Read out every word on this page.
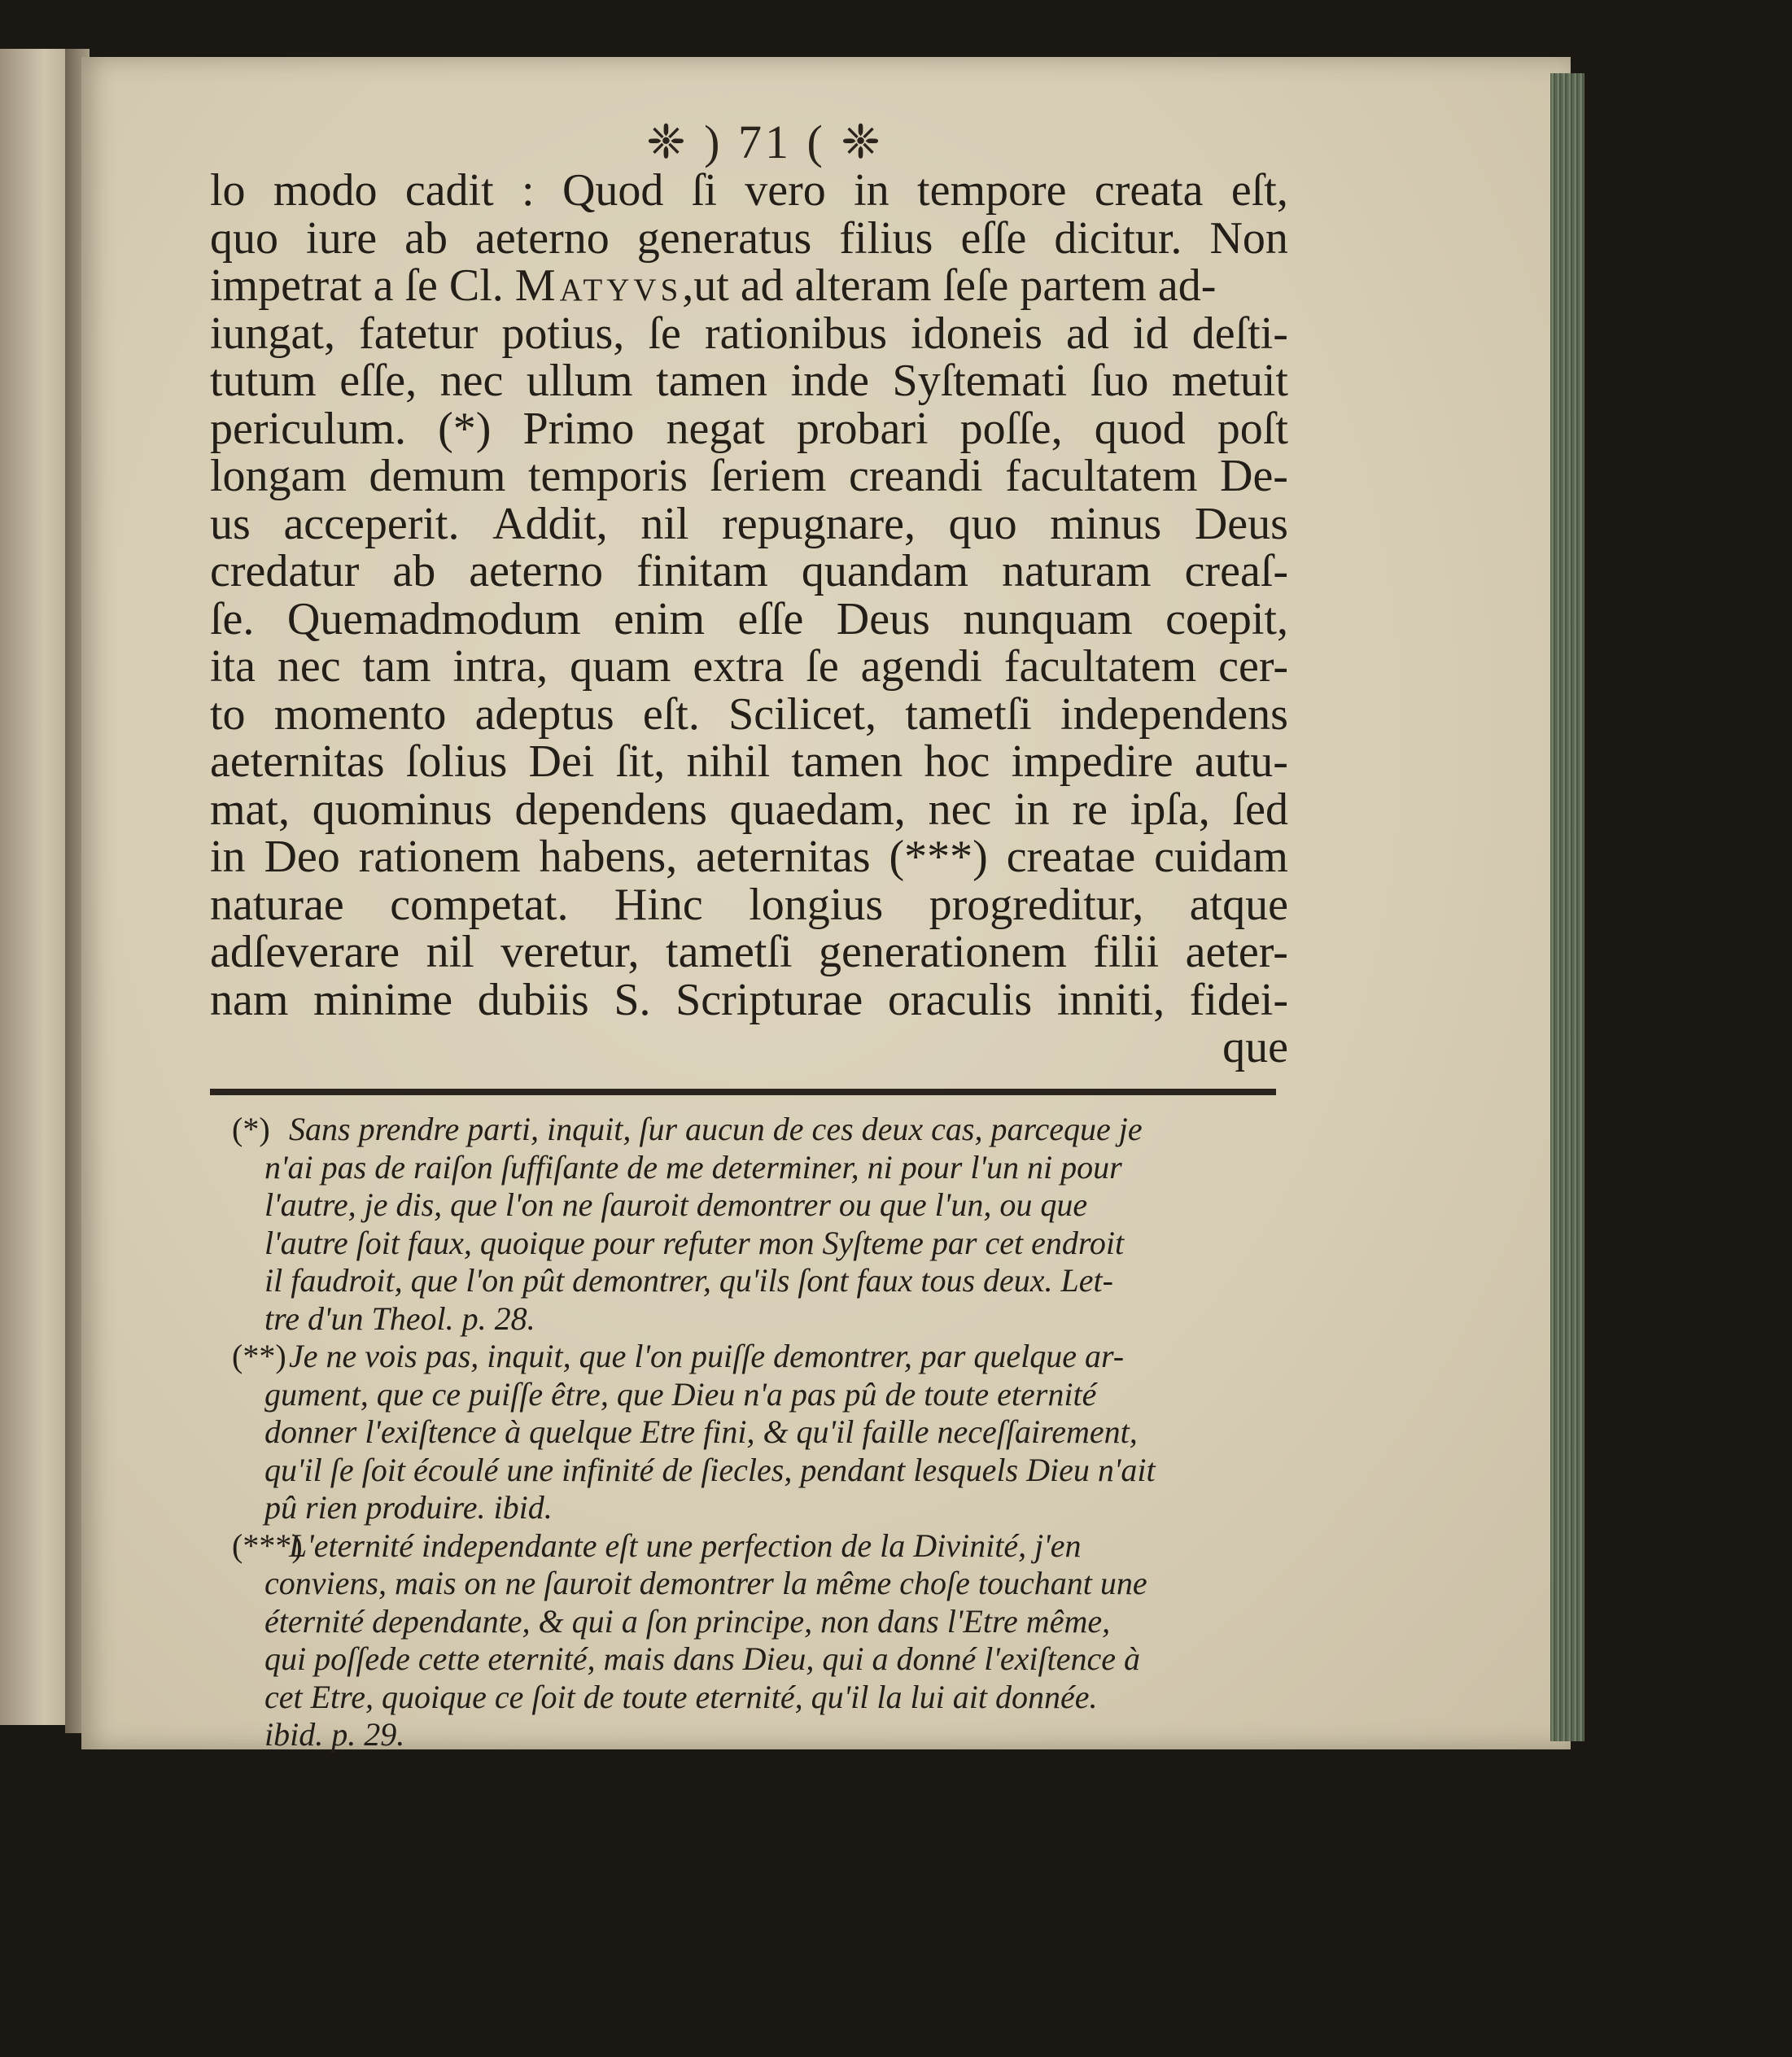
❈ ) 71 ( ❈
lo modo cadit : Quod ſi vero in tempore creata eſt,
quo iure ab aeterno generatus filius eſſe dicitur. Non
impetrat a ſe Cl. Matyvs,ut ad alteram ſeſe partem ad-
iungat, fatetur potius, ſe rationibus idoneis ad id deſti-
tutum eſſe, nec ullum tamen inde Syſtemati ſuo metuit
periculum. (*) Primo negat probari poſſe, quod poſt
longam demum temporis ſeriem creandi facultatem De-
us acceperit. Addit, nil repugnare, quo minus Deus
credatur ab aeterno finitam quandam naturam creaſ-
ſe. Quemadmodum enim eſſe Deus nunquam coepit,
ita nec tam intra, quam extra ſe agendi facultatem cer-
to momento adeptus eſt. Scilicet, tametſi independens
aeternitas ſolius Dei ſit, nihil tamen hoc impedire autu-
mat, quominus dependens quaedam, nec in re ipſa, ſed
in Deo rationem habens, aeternitas (***) creatae cuidam
naturae competat. Hinc longius progreditur, atque
adſeverare nil veretur, tametſi generationem filii aeter-
nam minime dubiis S. Scripturae oraculis inniti, fidei-
que
(*) Sans prendre parti, inquit, ſur aucun de ces deux cas, parceque je
n'ai pas de raiſon ſuffiſante de me determiner, ni pour l'un ni pour
l'autre, je dis, que l'on ne ſauroit demontrer ou que l'un, ou que
l'autre ſoit faux, quoique pour refuter mon Syſteme par cet endroit
il faudroit, que l'on pût demontrer, qu'ils ſont faux tous deux. Let-
tre d'un Theol. p. 28.
(**) Je ne vois pas, inquit, que l'on puiſſe demontrer, par quelque ar-
gument, que ce puiſſe être, que Dieu n'a pas pû de toute eternité
donner l'exiſtence à quelque Etre fini, & qu'il faille neceſſairement,
qu'il ſe ſoit écoulé une infinité de ſiecles, pendant lesquels Dieu n'ait
pû rien produire. ibid.
(***)
L'eternité independante eſt une perfection de la Divinité, j'en
conviens, mais on ne ſauroit demontrer la même choſe touchant une
éternité dependante, & qui a ſon principe, non dans l'Etre même,
qui poſſede cette eternité, mais dans Dieu, qui a donné l'exiſtence à
cet Etre, quoique ce ſoit de toute eternité, qu'il la lui ait donnée.
ibid. p. 29.
